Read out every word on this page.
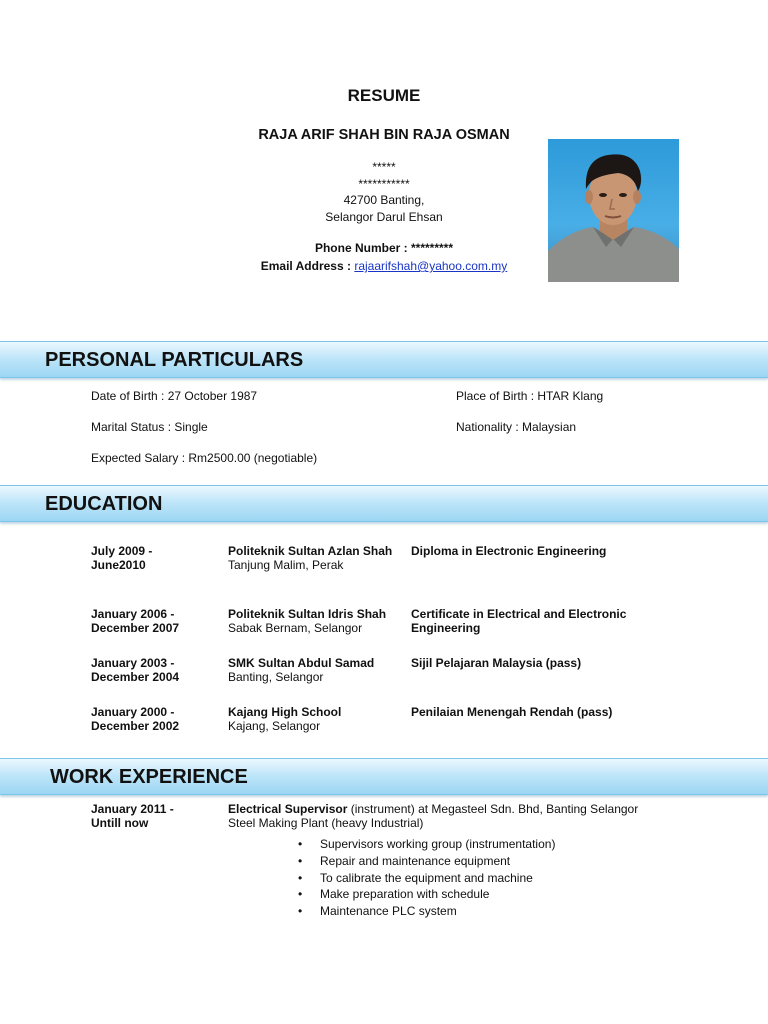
RESUME
RAJA ARIF SHAH BIN RAJA OSMAN
*****
***********
42700 Banting,
Selangor Darul Ehsan
Phone Number : *********
Email Address : rajaarifshah@yahoo.com.my
PERSONAL PARTICULARS
Date of Birth : 27 October 1987	Place of Birth : HTAR Klang
Marital Status : Single	Nationality : Malaysian
Expected Salary : Rm2500.00 (negotiable)
EDUCATION
July 2009 -
June2010
Politeknik Sultan Azlan Shah
Tanjung Malim, Perak
Diploma in Electronic Engineering
January 2006 -
December 2007
Politeknik Sultan Idris Shah
Sabak Bernam, Selangor
Certificate in Electrical and Electronic
Engineering
January 2003 -
December 2004
SMK Sultan Abdul Samad
Banting, Selangor
Sijil Pelajaran Malaysia (pass)
January 2000 -
December 2002
Kajang High School
Kajang, Selangor
Penilaian Menengah Rendah (pass)
WORK EXPERIENCE
January 2011 -
Untill now
Electrical Supervisor (instrument) at Megasteel Sdn. Bhd, Banting Selangor
Steel Making Plant (heavy Industrial)
• Supervisors working group (instrumentation)
• Repair and maintenance equipment
• To calibrate the equipment and machine
• Make preparation with schedule
• Maintenance PLC system
